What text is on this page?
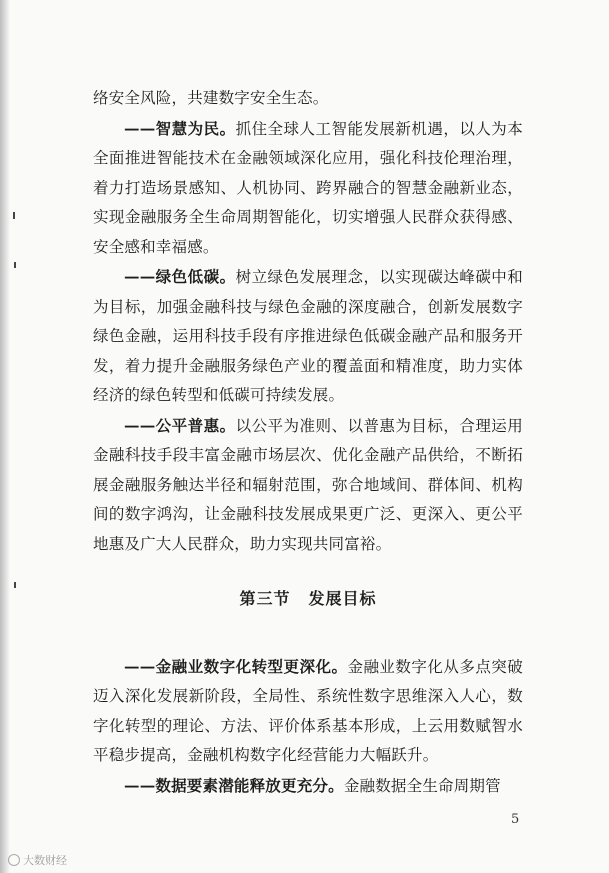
络安全风险，共建数字安全生态。

——智慧为民。抓住全球人工智能发展新机遇，以人为本全面推进智能技术在金融领域深化应用，强化科技伦理治理，着力打造场景感知、人机协同、跨界融合的智慧金融新业态，实现金融服务全生命周期智能化，切实增强人民群众获得感、安全感和幸福感。

——绿色低碳。树立绿色发展理念，以实现碳达峰碳中和为目标，加强金融科技与绿色金融的深度融合，创新发展数字绿色金融，运用科技手段有序推进绿色低碳金融产品和服务开发，着力提升金融服务绿色产业的覆盖面和精准度，助力实体经济的绿色转型和低碳可持续发展。

——公平普惠。以公平为准则、以普惠为目标，合理运用金融科技手段丰富金融市场层次、优化金融产品供给，不断拓展金融服务触达半径和辐射范围，弥合地域间、群体间、机构间的数字鸿沟，让金融科技发展成果更广泛、更深入、更公平地惠及广大人民群众，助力实现共同富裕。

第三节 发展目标

——金融业数字化转型更深化。金融业数字化从多点突破迈入深化发展新阶段，全局性、系统性数字思维深入人心，数字化转型的理论、方法、评价体系基本形成，上云用数赋智水平稳步提高，金融机构数字化经营能力大幅跃升。

——数据要素潜能释放更充分。金融数据全生命周期管

5
大数财经
